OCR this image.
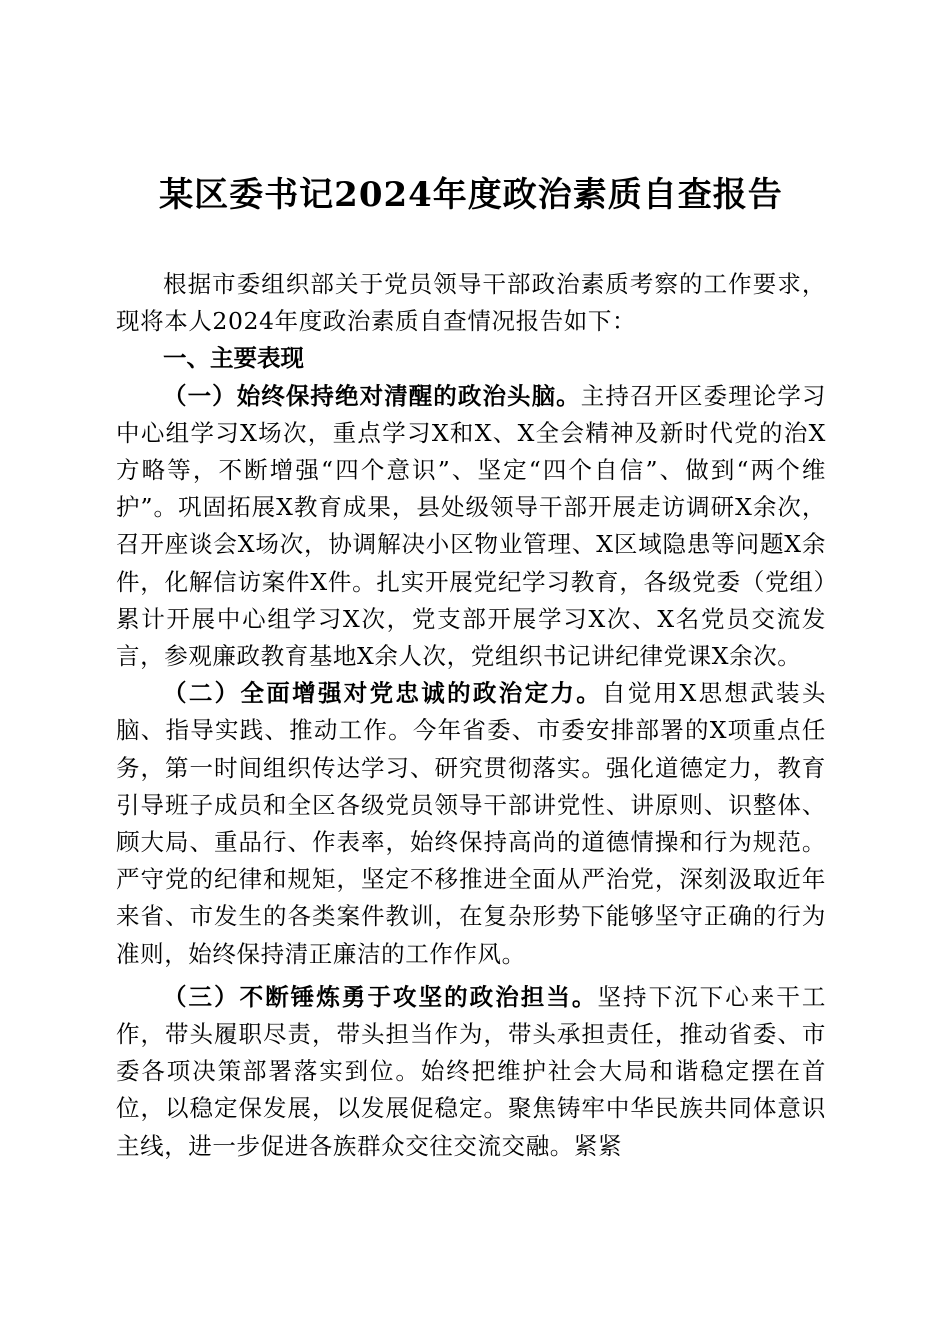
某区委书记2024年度政治素质自查报告

根据市委组织部关于党员领导干部政治素质考察的工作要求，现将本人2024年度政治素质自查情况报告如下：

一、主要表现

（一）始终保持绝对清醒的政治头脑。主持召开区委理论学习中心组学习X场次，重点学习X和X、X全会精神及新时代党的治X方略等，不断增强“四个意识”、坚定“四个自信”、做到“两个维护”。巩固拓展X教育成果，县处级领导干部开展走访调研X余次，召开座谈会X场次，协调解决小区物业管理、X区域隐患等问题X余件，化解信访案件X件。扎实开展党纪学习教育，各级党委（党组）累计开展中心组学习X次，党支部开展学习X次、X名党员交流发言，参观廉政教育基地X余人次，党组织书记讲纪律党课X余次。

（二）全面增强对党忠诚的政治定力。自觉用X思想武装头脑、指导实践、推动工作。今年省委、市委安排部署的X项重点任务，第一时间组织传达学习、研究贯彻落实。强化道德定力，教育引导班子成员和全区各级党员领导干部讲党性、讲原则、识整体、顾大局、重品行、作表率，始终保持高尚的道德情操和行为规范。严守党的纪律和规矩，坚定不移推进全面从严治党，深刻汲取近年来省、市发生的各类案件教训，在复杂形势下能够坚守正确的行为准则，始终保持清正廉洁的工作作风。

（三）不断锤炼勇于攻坚的政治担当。坚持下沉下心来干工作，带头履职尽责，带头担当作为，带头承担责任，推动省委、市委各项决策部署落实到位。始终把维护社会大局和谐稳定摆在首位，以稳定保发展，以发展促稳定。聚焦铸牢中华民族共同体意识主线，进一步促进各族群众交往交流交融。紧紧
